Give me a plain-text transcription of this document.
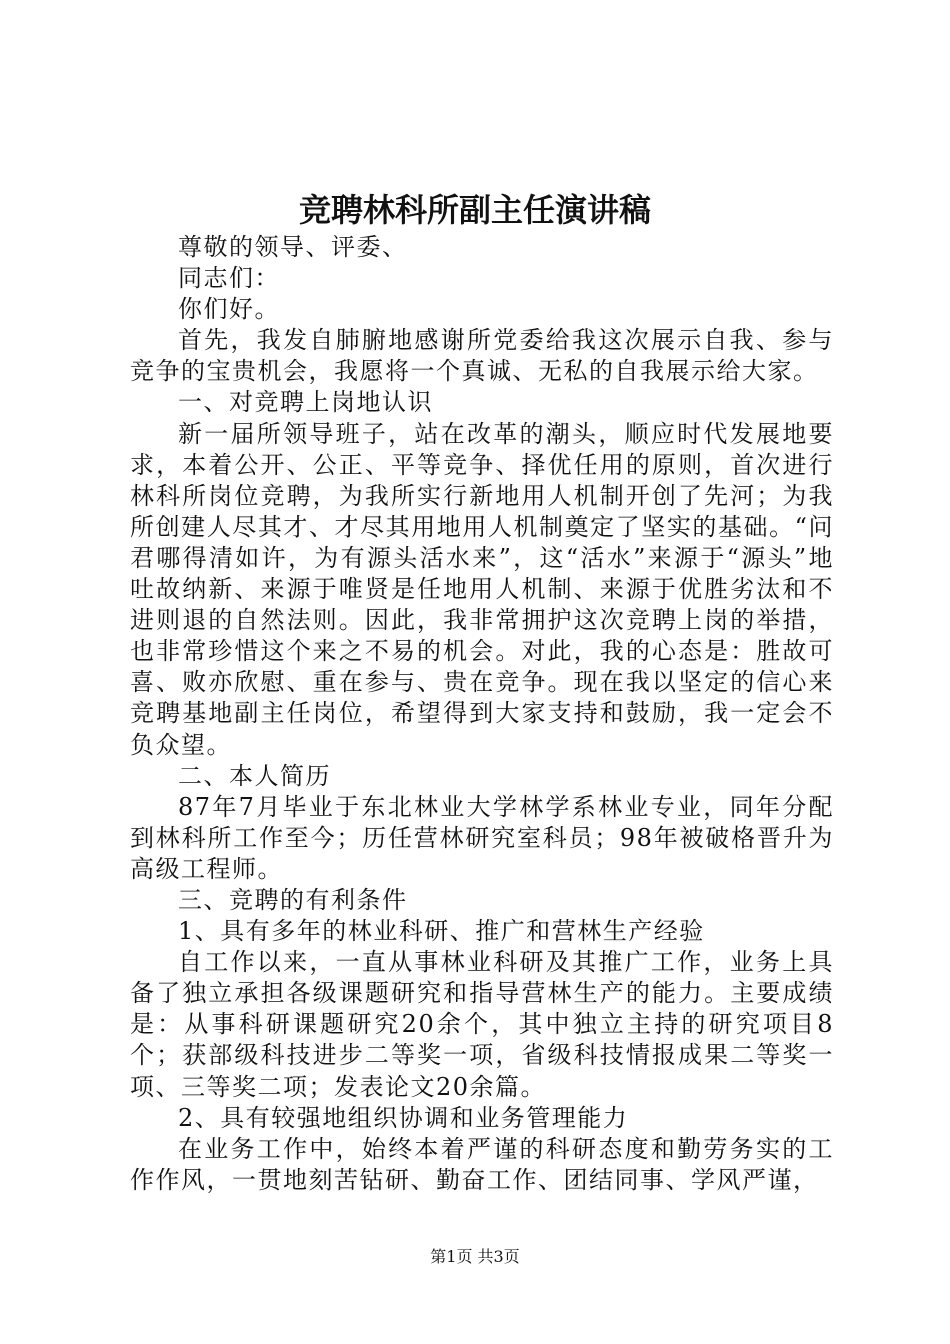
竞聘林科所副主任演讲稿

尊敬的领导、评委、

同志们：

你们好。

首先，我发自肺腑地感谢所党委给我这次展示自我、参与竞争的宝贵机会，我愿将一个真诚、无私的自我展示给大家。

一、对竞聘上岗地认识

新一届所领导班子，站在改革的潮头，顺应时代发展地要求，本着公开、公正、平等竞争、择优任用的原则，首次进行林科所岗位竞聘，为我所实行新地用人机制开创了先河；为我所创建人尽其才、才尽其用地用人机制奠定了坚实的基础。“问君哪得清如许，为有源头活水来”，这“活水”来源于“源头”地吐故纳新、来源于唯贤是任地用人机制、来源于优胜劣汰和不进则退的自然法则。因此，我非常拥护这次竞聘上岗的举措，也非常珍惜这个来之不易的机会。对此，我的心态是：胜故可喜、败亦欣慰、重在参与、贵在竞争。现在我以坚定的信心来竞聘基地副主任岗位，希望得到大家支持和鼓励，我一定会不负众望。

二、本人简历

87年7月毕业于东北林业大学林学系林业专业，同年分配到林科所工作至今；历任营林研究室科员；98年被破格晋升为高级工程师。

三、竞聘的有利条件

1、具有多年的林业科研、推广和营林生产经验

自工作以来，一直从事林业科研及其推广工作，业务上具备了独立承担各级课题研究和指导营林生产的能力。主要成绩是：从事科研课题研究20余个，其中独立主持的研究项目8个；获部级科技进步二等奖一项，省级科技情报成果二等奖一项、三等奖二项；发表论文20余篇。

2、具有较强地组织协调和业务管理能力

在业务工作中，始终本着严谨的科研态度和勤劳务实的工作作风，一贯地刻苦钻研、勤奋工作、团结同事、学风严谨，

第1页 共3页
